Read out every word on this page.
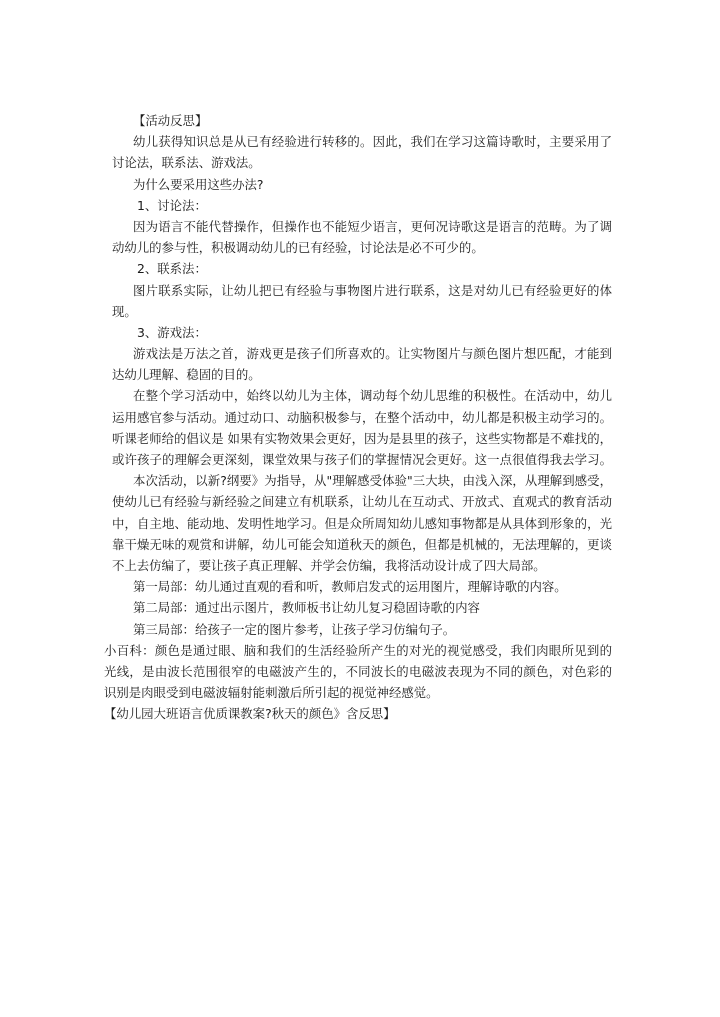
【活动反思】
幼儿获得知识总是从已有经验进行转移的。因此，我们在学习这篇诗歌时，主要采用了
讨论法，联系法、游戏法。
为什么要采用这些办法?
1、讨论法：
因为语言不能代替操作，但操作也不能短少语言，更何况诗歌这是语言的范畴。为了调
动幼儿的参与性，积极调动幼儿的已有经验，讨论法是必不可少的。
2、联系法：
图片联系实际，让幼儿把已有经验与事物图片进行联系，这是对幼儿已有经验更好的体
现。
3、游戏法：
游戏法是万法之首，游戏更是孩子们所喜欢的。让实物图片与颜色图片想匹配，才能到
达幼儿理解、稳固的目的。
在整个学习活动中，始终以幼儿为主体，调动每个幼儿思维的积极性。在活动中，幼儿
运用感官参与活动。通过动口、动脑积极参与，在整个活动中，幼儿都是积极主动学习的。
听课老师给的倡议是 如果有实物效果会更好，因为是县里的孩子，这些实物都是不难找的，
或许孩子的理解会更深刻，课堂效果与孩子们的掌握情况会更好。这一点很值得我去学习。
本次活动，以新?纲要》为指导，从"理解感受体验"三大块，由浅入深，从理解到感受，
使幼儿已有经验与新经验之间建立有机联系，让幼儿在互动式、开放式、直观式的教育活动
中，自主地、能动地、发明性地学习。但是众所周知幼儿感知事物都是从具体到形象的，光
靠干燥无味的观赏和讲解，幼儿可能会知道秋天的颜色，但都是机械的，无法理解的，更谈
不上去仿编了，要让孩子真正理解、并学会仿编，我将活动设计成了四大局部。
第一局部：幼儿通过直观的看和听，教师启发式的运用图片，理解诗歌的内容。
第二局部：通过出示图片，教师板书让幼儿复习稳固诗歌的内容
第三局部：给孩子一定的图片参考，让孩子学习仿编句子。
小百科：颜色是通过眼、脑和我们的生活经验所产生的对光的视觉感受，我们肉眼所见到的
光线，是由波长范围很窄的电磁波产生的，不同波长的电磁波表现为不同的颜色，对色彩的
识别是肉眼受到电磁波辐射能刺激后所引起的视觉神经感觉。
【幼儿园大班语言优质课教案?秋天的颜色》含反思】
